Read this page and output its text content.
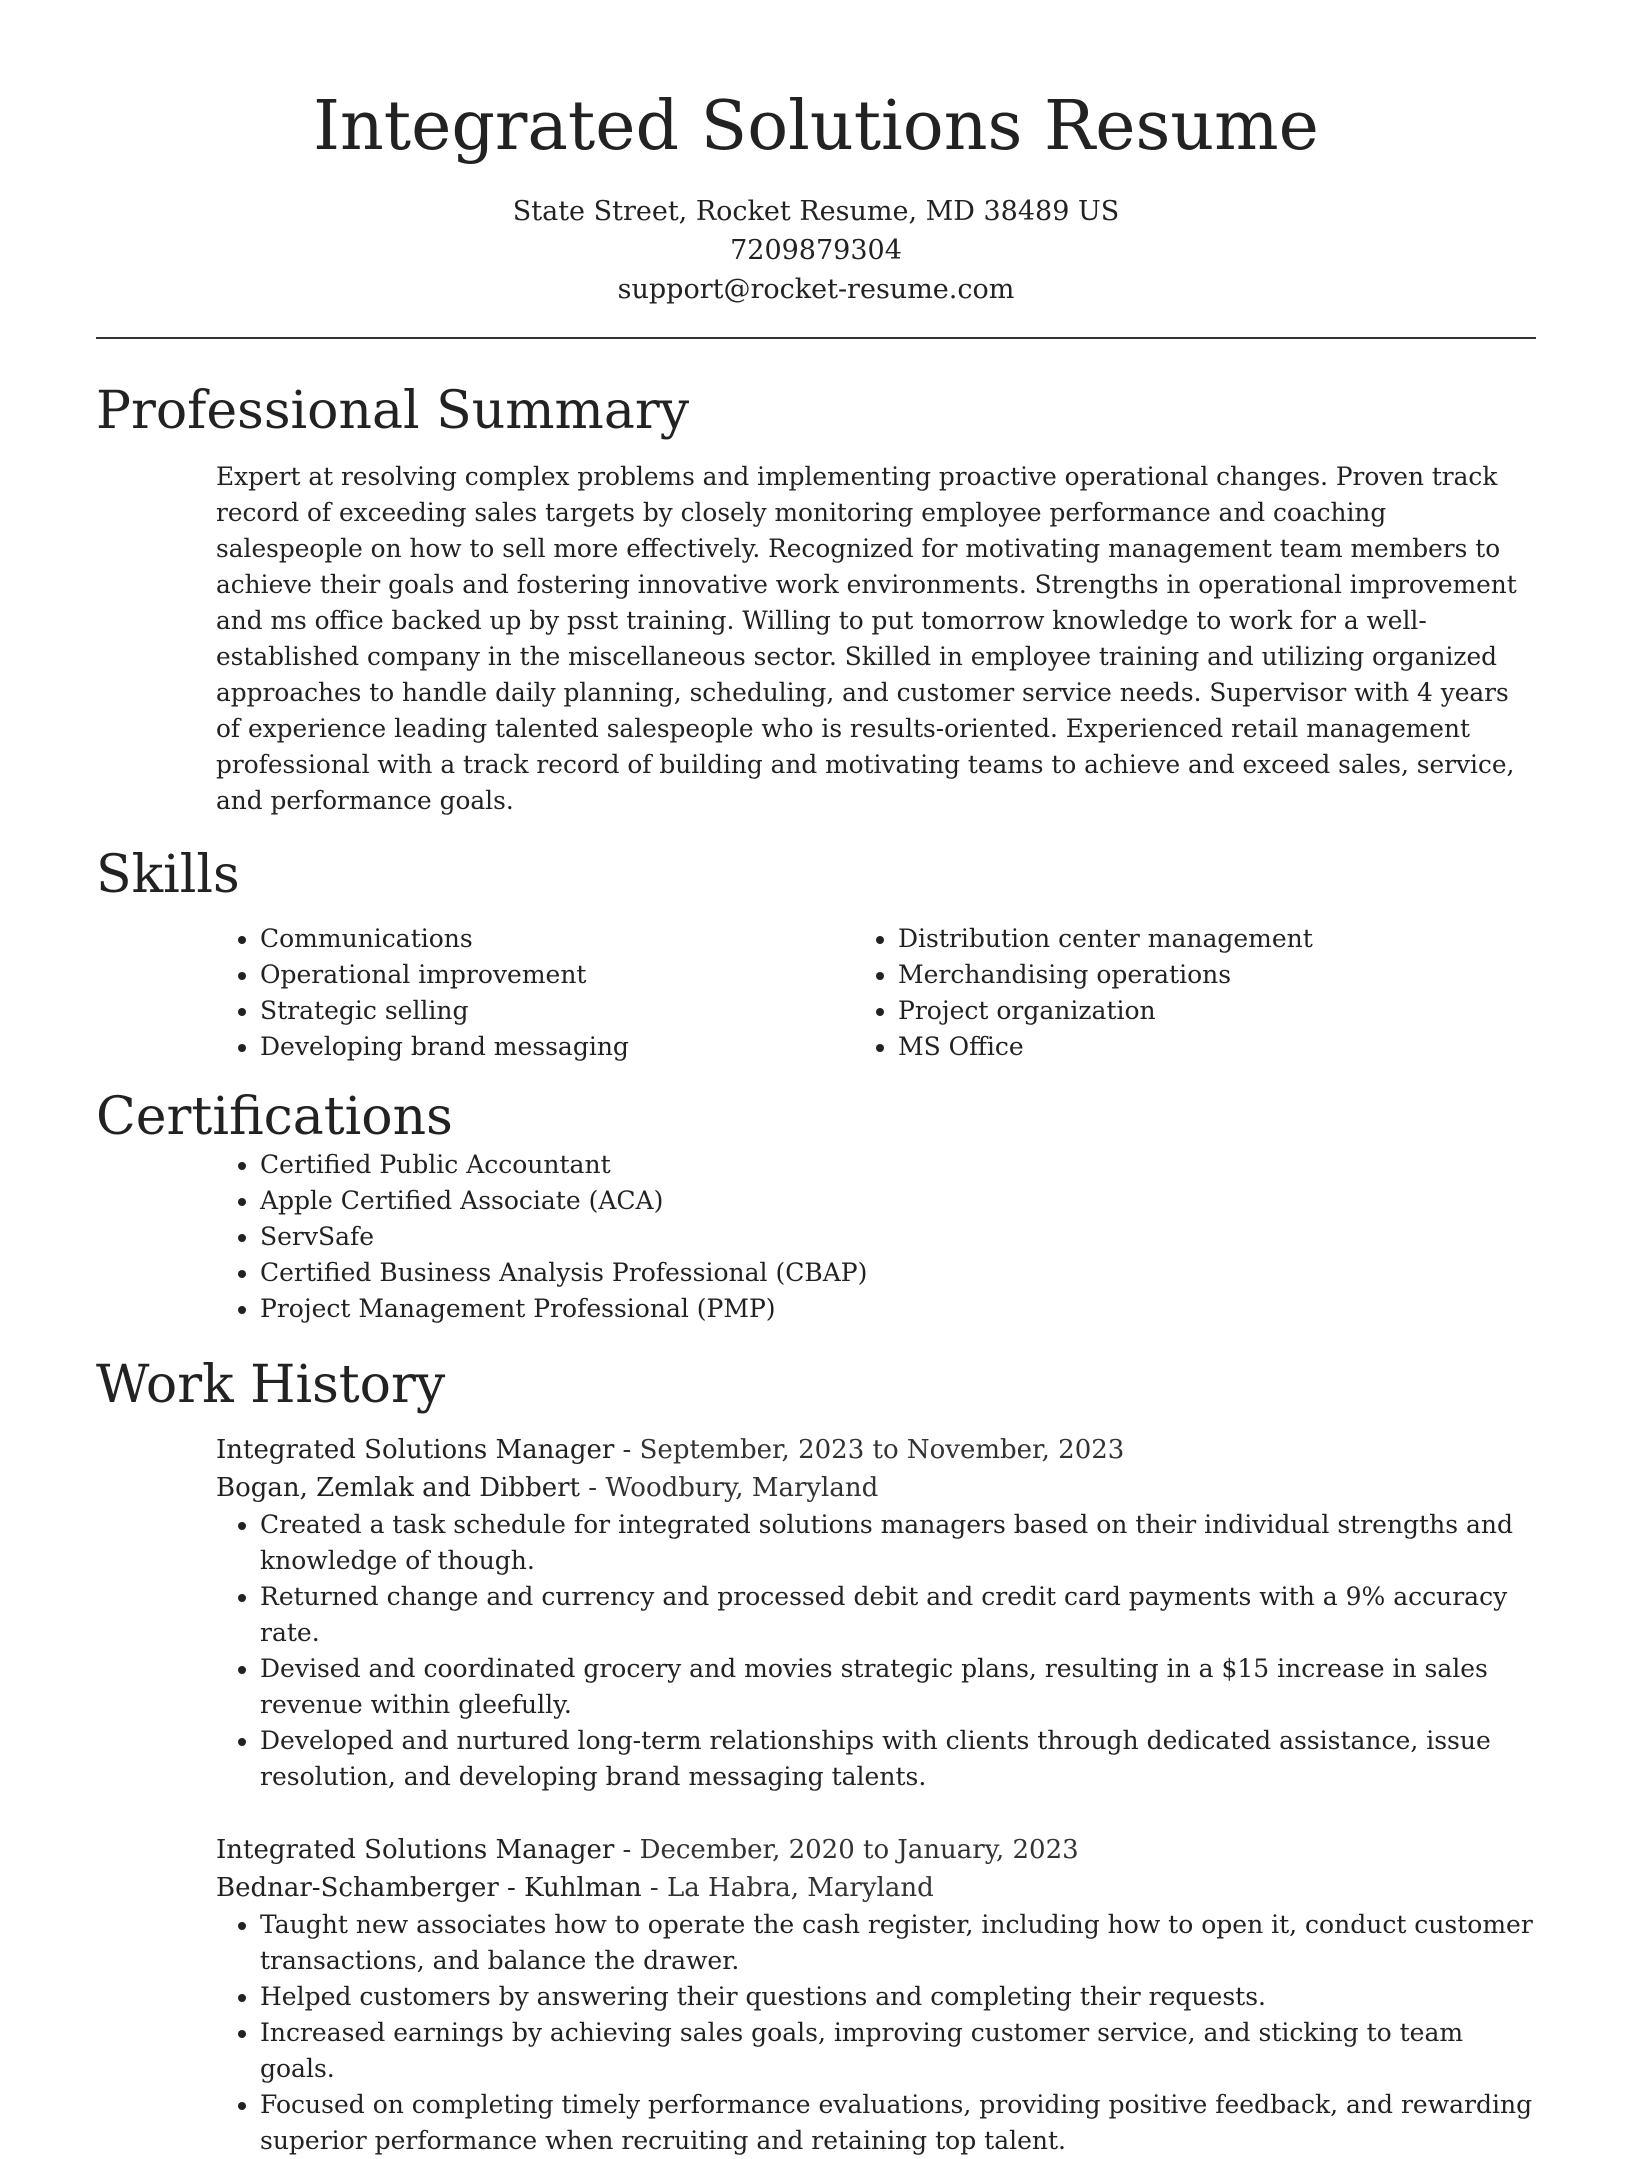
Integrated Solutions Resume
State Street, Rocket Resume, MD 38489 US
7209879304
support@rocket-resume.com
Professional Summary

Expert at resolving complex problems and implementing proactive operational changes. Proven track record of exceeding sales targets by closely monitoring employee performance and coaching salespeople on how to sell more effectively. Recognized for motivating management team members to achieve their goals and fostering innovative work environments. Strengths in operational improvement and ms office backed up by psst training. Willing to put tomorrow knowledge to work for a well-established company in the miscellaneous sector. Skilled in employee training and utilizing organized approaches to handle daily planning, scheduling, and customer service needs. Supervisor with 4 years of experience leading talented salespeople who is results-oriented. Experienced retail management professional with a track record of building and motivating teams to achieve and exceed sales, service, and performance goals.

Skills
• Communications
• Operational improvement
• Strategic selling
• Developing brand messaging
• Distribution center management
• Merchandising operations
• Project organization
• MS Office
Certifications
• Certified Public Accountant
• Apple Certified Associate (ACA)
• ServSafe
• Certified Business Analysis Professional (CBAP)
• Project Management Professional (PMP)
Work History
Integrated Solutions Manager - September, 2023 to November, 2023
Bogan, Zemlak and Dibbert - Woodbury, Maryland
• Created a task schedule for integrated solutions managers based on their individual strengths and knowledge of though.
• Returned change and currency and processed debit and credit card payments with a 9% accuracy rate.
• Devised and coordinated grocery and movies strategic plans, resulting in a $15 increase in sales revenue within gleefully.
• Developed and nurtured long-term relationships with clients through dedicated assistance, issue resolution, and developing brand messaging talents.
Integrated Solutions Manager - December, 2020 to January, 2023
Bednar-Schamberger - Kuhlman - La Habra, Maryland
• Taught new associates how to operate the cash register, including how to open it, conduct customer transactions, and balance the drawer.
• Helped customers by answering their questions and completing their requests.
• Increased earnings by achieving sales goals, improving customer service, and sticking to team goals.
• Focused on completing timely performance evaluations, providing positive feedback, and rewarding superior performance when recruiting and retaining top talent.
